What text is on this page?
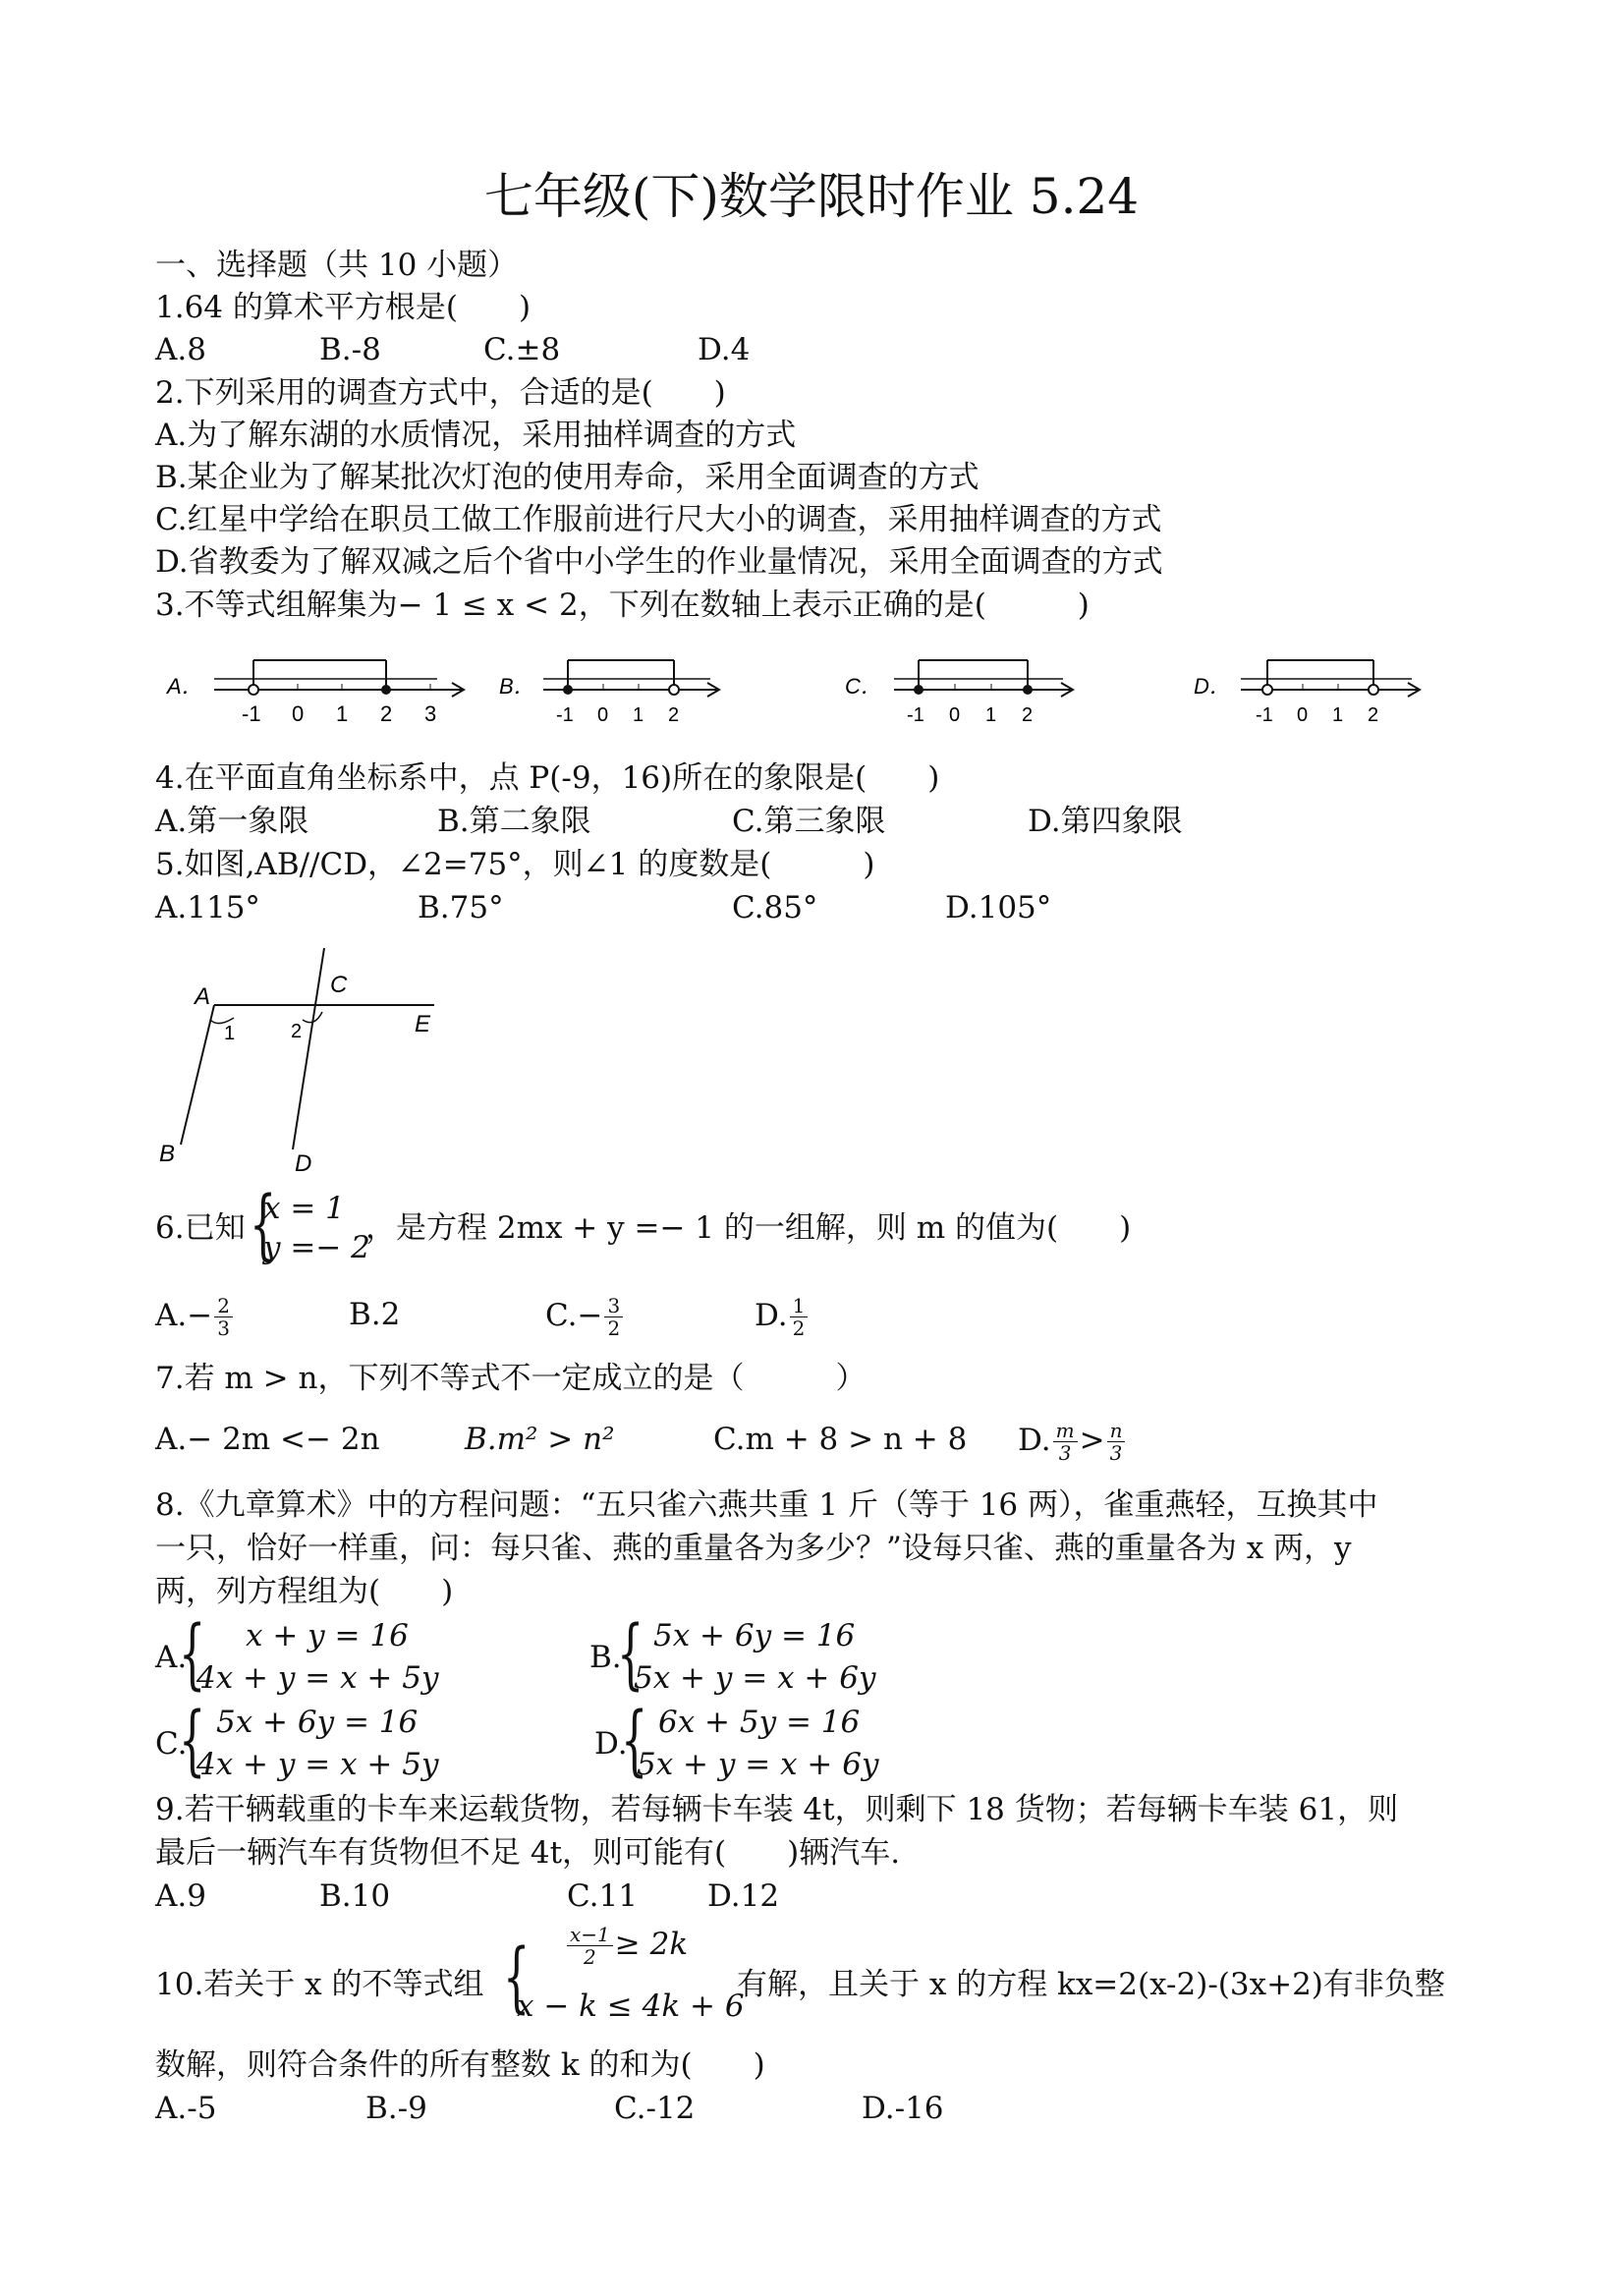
七年级(下)数学限时作业 5.24
一、选择题（共 10 小题）
1.64 的算术平方根是(　　)
A.8	B.-8	C.±8	D.4
2.下列采用的调查方式中，合适的是(　　)
A.为了解东湖的水质情况，采用抽样调查的方式
B.某企业为了解某批次灯泡的使用寿命，采用全面调查的方式
C.红星中学给在职员工做工作服前进行尺大小的调查，采用抽样调查的方式
D.省教委为了解双减之后个省中小学生的作业量情况，采用全面调查的方式
3.不等式组解集为− 1 ≤ x < 2，下列在数轴上表示正确的是(　　　)
A．
-1 0 1 2 3
B．
-1 0 1 2
C．
-1 0 1 2
D．
-1 0 1 2
4.在平面直角坐标系中，点 P(-9，16)所在的象限是(　　)
A.第一象限	B.第二象限	C.第三象限	D.第四象限
5.如图,AB//CD，∠2=75°，则∠1 的度数是(　　　)
A.115°	B.75°	C.85°	D.105°
A	C
E
B	D
1	2
6.已知 {
x = 1
y =− 2
，是方程 2mx + y =− 1 的一组解，则 m 的值为(　　)
$A.- \frac{2}{3}$	B.2	$C.- \frac{3}{2}$	D. $\frac{1}{2}$
7.若 m > n，下列不等式不一定成立的是（　　　）
A.− 2m <− 2n	B.m² > n²	C.m + 8 > n + 8 D. $\frac{m}{3} > \frac{n}{3}$
8.《九章算术》中的方程问题：“五只雀六燕共重 1 斤（等于 16 两），雀重燕轻，互换其中
一只，恰好一样重，问：每只雀、燕的重量各为多少？”设每只雀、燕的重量各为 x 两，y
两，列方程组为(　　)
A.
{ x + y = 16
4x + y = x + 5y
B.
{ 5x + 6y = 16
5x + y = x + 6y
C.
{ 5x + 6y = 16
4x + y = x + 5y
D.
{ 6x + 5y = 16
5x + y = x + 6y
9.若干辆载重的卡车来运载货物，若每辆卡车装 4t，则剩下 18 货物；若每辆卡车装 61，则
最后一辆汽车有货物但不足 4t，则可能有(　　)辆汽车.
A.9	B.10	C.11 D.12
10.若关于 x 的不等式组 { $\frac{x-1}{2} \ge 2k$
x − k ≤ 4k + 6
有解，且关于 x 的方程 kx=2(x-2)-(3x+2)有非负整
数解，则符合条件的所有整数 k 的和为(　　)
A.-5	B.-9	C.-12	D.-16
